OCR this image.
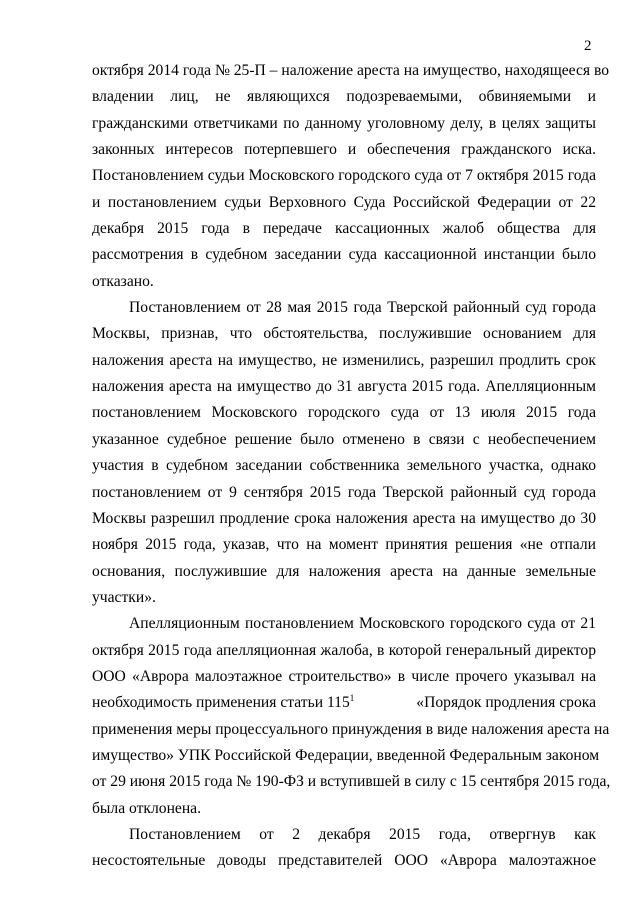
2
октября 2014 года № 25-П – наложение ареста на имущество, находящееся во
владении лиц, не являющихся подозреваемыми, обвиняемыми и
гражданскими ответчиками по данному уголовному делу, в целях защиты
законных интересов потерпевшего и обеспечения гражданского иска.
Постановлением судьи Московского городского суда от 7 октября 2015 года
и постановлением судьи Верховного Суда Российской Федерации от 22
декабря 2015 года в передаче кассационных жалоб общества для
рассмотрения в судебном заседании суда кассационной инстанции было
отказано.
Постановлением от 28 мая 2015 года Тверской районный суд города
Москвы, признав, что обстоятельства, послужившие основанием для
наложения ареста на имущество, не изменились, разрешил продлить срок
наложения ареста на имущество до 31 августа 2015 года. Апелляционным
постановлением Московского городского суда от 13 июля 2015 года
указанное судебное решение было отменено в связи с необеспечением
участия в судебном заседании собственника земельного участка, однако
постановлением от 9 сентября 2015 года Тверской районный суд города
Москвы разрешил продление срока наложения ареста на имуществo до 30
ноября 2015 года, указав, что на момент принятия решения «не отпали
основания, послужившие для наложения ареста на данные земельные
участки».
Апелляционным постановлением Московского городского суда от 21
октября 2015 года апелляционная жалоба, в которой генеральный директор
ООО «Аврора малоэтажное строительство» в числе прочего указывал на
необходимость применения статьи 115$^1$	«Порядок продления срока
применения меры процессуального принуждения в виде наложения ареста на
имущество» УПК Российской Федерации, введенной Федеральным законом
от 29 июня 2015 года № 190-ФЗ и вступившей в силу с 15 сентября 2015 года,
была отклонена.
Постановлением от 2 декабря 2015 года, отвергнув как
несостоятельные доводы представителей ООО «Аврора малоэтажное
